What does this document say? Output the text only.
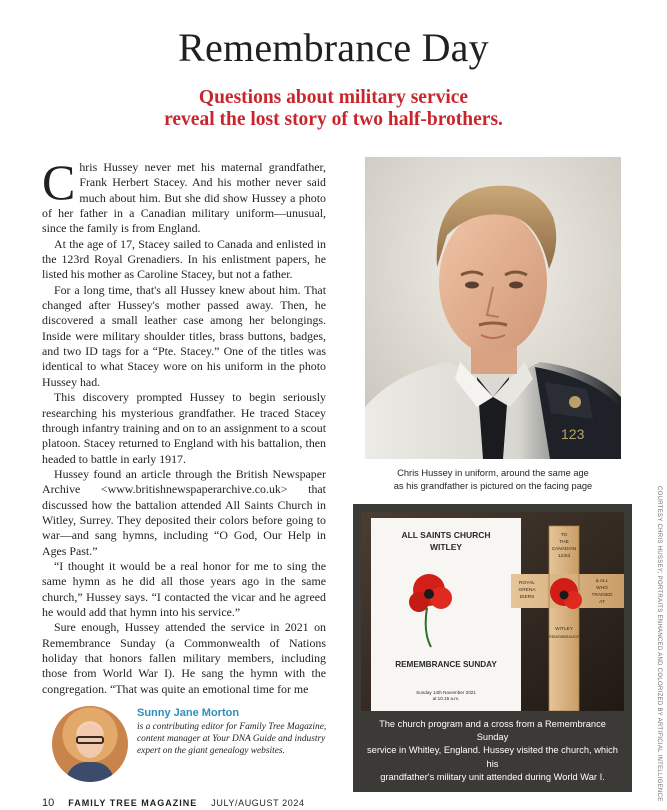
Remembrance Day
Questions about military service
reveal the lost story of two half-brothers.

Chris Hussey never met his maternal grandfather, Frank Herbert Stacey. And his mother never said much about him. But she did show Hussey a photo of her father in a Canadian military uniform—unusual, since the family is from England.

At the age of 17, Stacey sailed to Canada and enlisted in the 123rd Royal Grenadiers. In his enlistment papers, he listed his mother as Caroline Stacey, but not a father.

For a long time, that's all Hussey knew about him. That changed after Hussey's mother passed away. Then, he discovered a small leather case among her belongings. Inside were military shoulder titles, brass buttons, badges, and two ID tags for a “Pte. Stacey.” One of the titles was identical to what Stacey wore on his uniform in the photo Hussey had.

This discovery prompted Hussey to begin seriously researching his mysterious grandfather. He traced Stacey through infantry training and on to an assignment to a scout platoon. Stacey returned to England with his battalion, then headed to battle in early 1917.

Hussey found an article through the British Newspaper Archive <www.britishnewspaperarchive.co.uk> that discussed how the battalion attended All Saints Church in Witley, Surrey. They deposited their colors before going to war—and sang hymns, including “O God, Our Help in Ages Past.”

“I thought it would be a real honor for me to sing the same hymn as he did all those years ago in the same church,” Hussey says. “I contacted the vicar and he agreed he would add that hymn into his service.”

Sure enough, Hussey attended the service in 2021 on Remembrance Sunday (a Commonwealth of Nations holiday that honors fallen military members, including those from World War I). He sang the hymn with the congregation. “That was quite an emotional time for me

Sunny Jane Morton
is a contributing editor for Family Tree Magazine, content manager at Your DNA Guide and industry expert on the giant genealogy websites.
10 FAMILY TREE MAGAZINE JULY/AUGUST 2024
123
Chris Hussey in uniform, around the same age
as his grandfather is pictured on the facing page
ALL SAINTS CHURCH
WITLEY
REMEMBRANCE SUNDAY
Sunday 14th November 2021
at 10.15 a.m.
TO
THE
CANADIAN
123rd
ROYAL
GRENA
DIERS
& ALL
WHO
TRAINED
AT
WITLEY
REMEMBRANCE
The church program and a cross from a Remembrance Sunday
service in Whitley, England. Hussey visited the church, which his
grandfather's military unit attended during World War I.	COURTESY CHRIS HUSSEY; PORTRAITS ENHANCED AND COLORIZED BY ARTIFICIAL INTELLIGENCE
